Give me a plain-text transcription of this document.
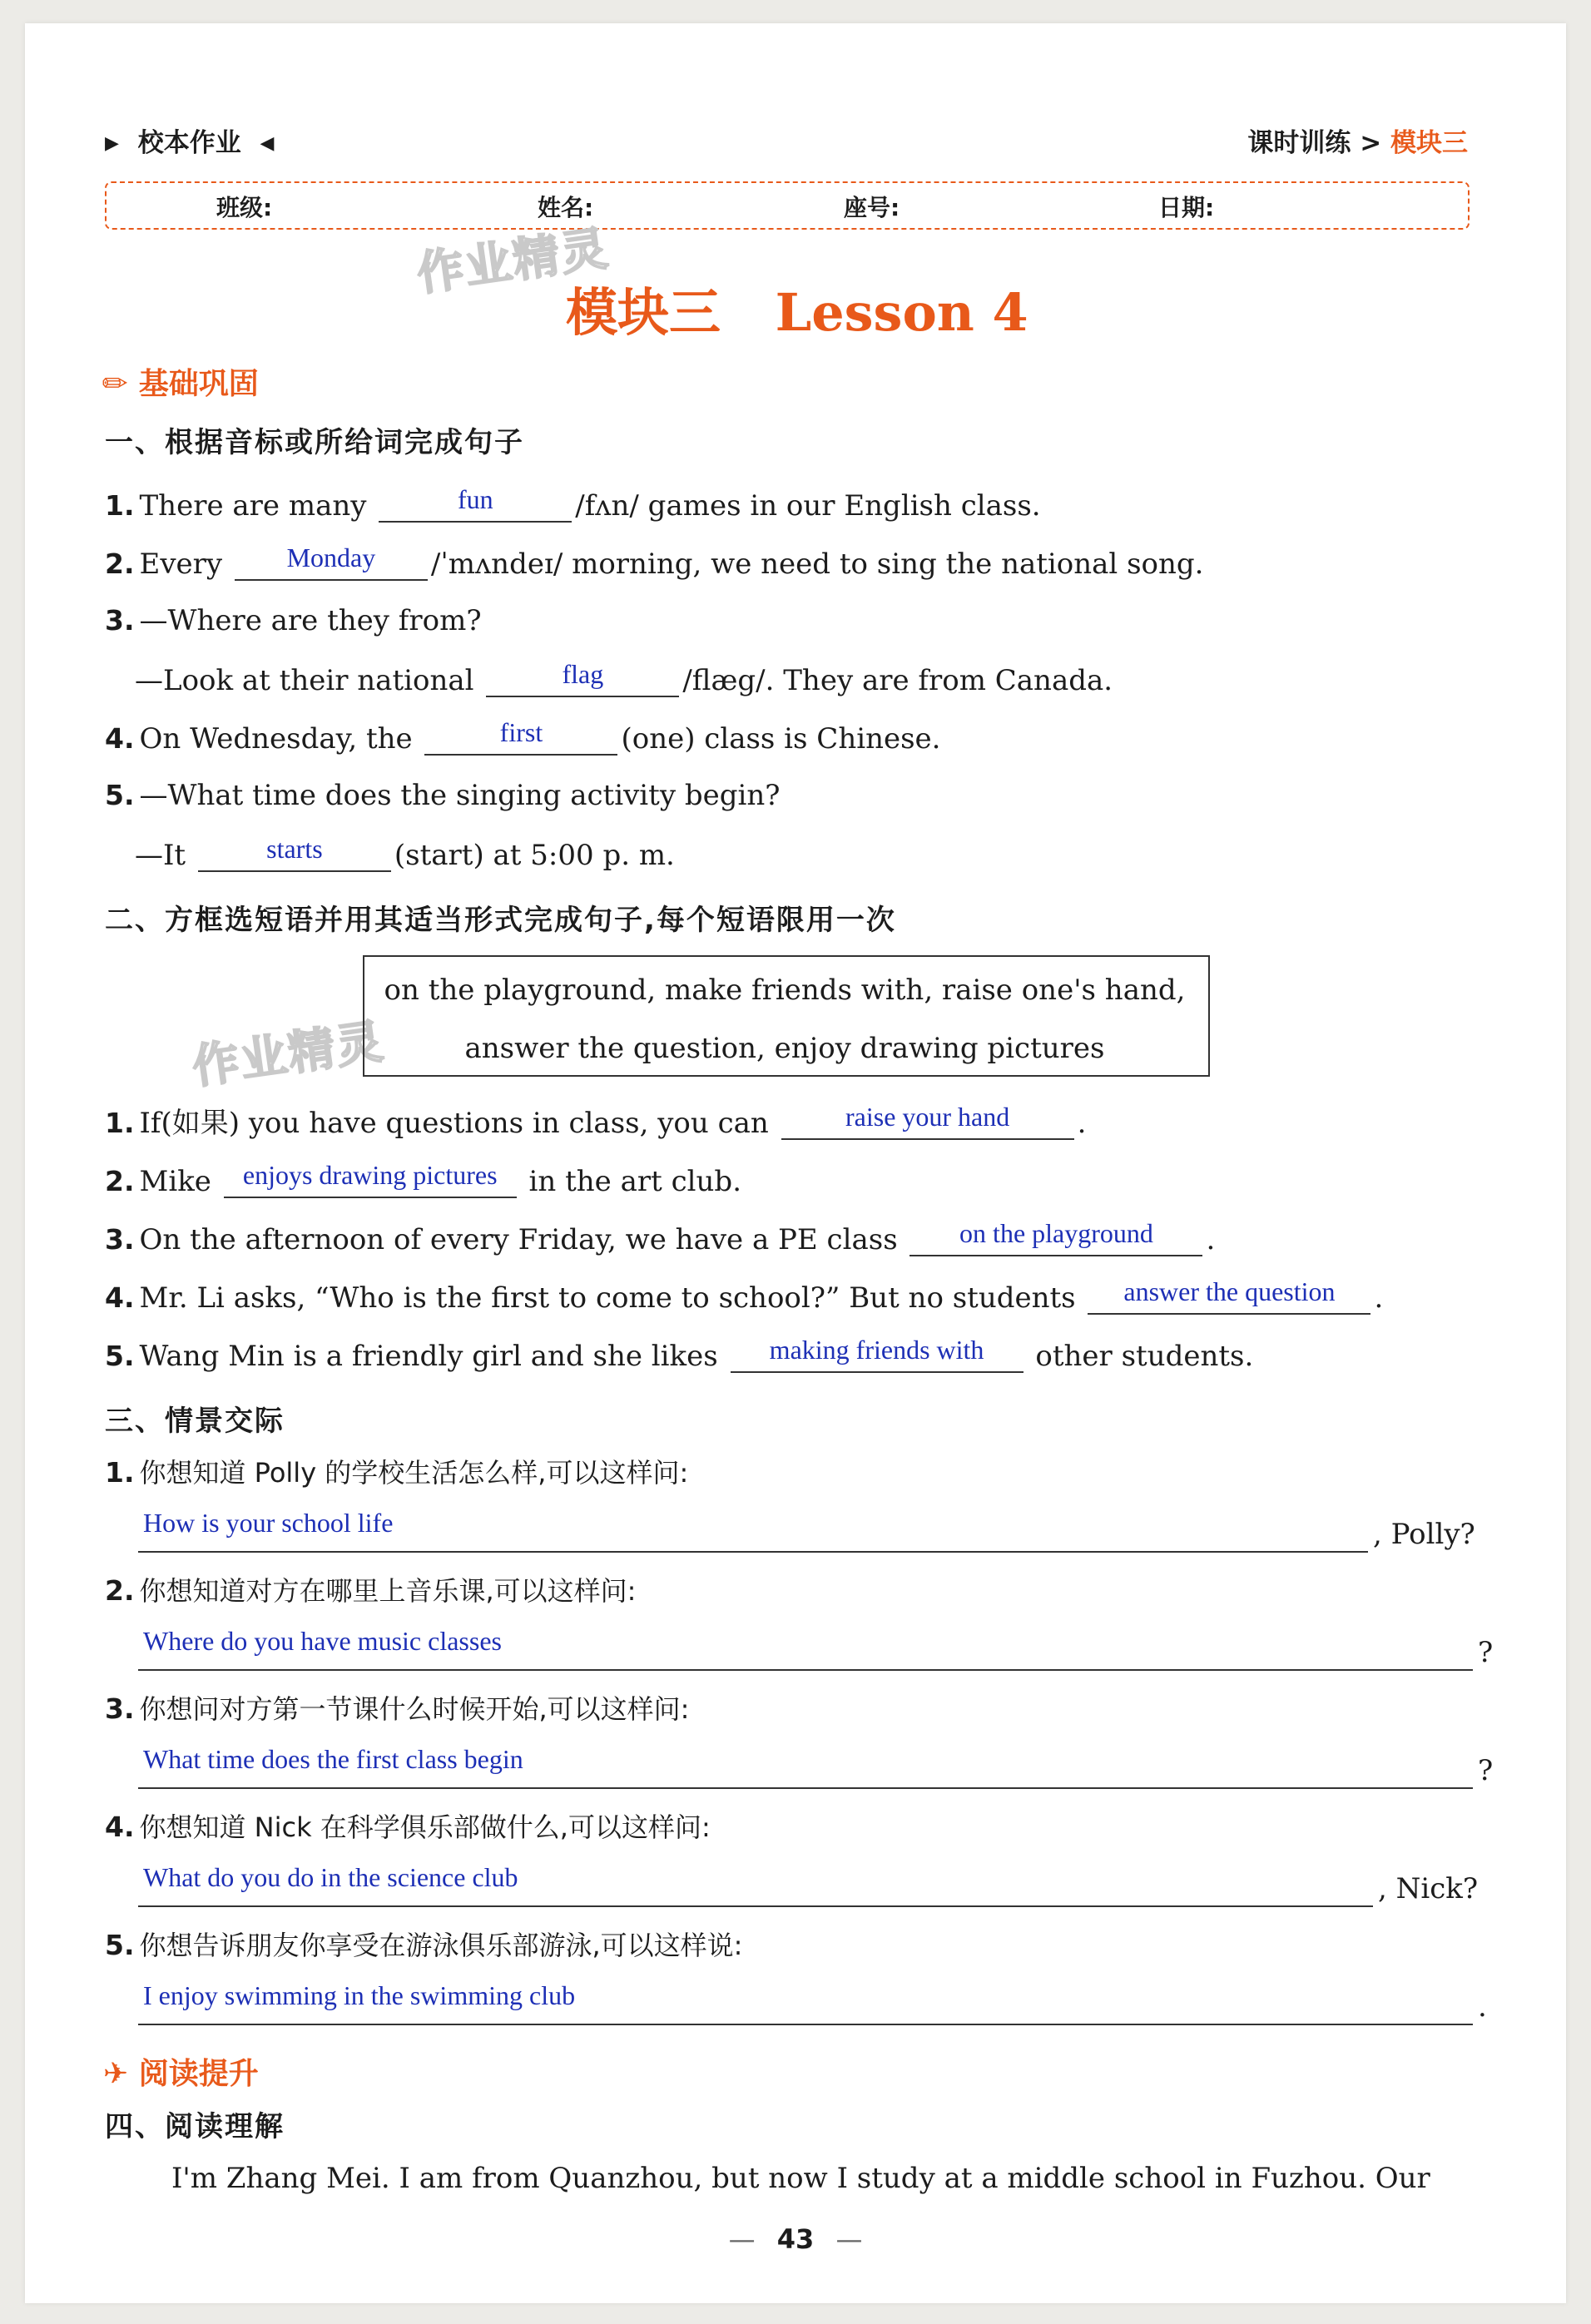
▶ 校本作业 ◀	课时训练 > 模块三
班级:	姓名:	座号:	日期:
作业精灵
作业精灵
模块三 Lesson 4
✎ 基础巩固
一、根据音标或所给词完成句子
1. There are many	fun	/fʌn/ games in our English class.
2. Every	Monday	/ˈmʌndeɪ/ morning, we need to sing the national song.
3. —Where are they from?
—Look at their national	flag	/flæg/. They are from Canada.
4. On Wednesday, the	first	(one) class is Chinese.
5. —What time does the singing activity begin?
—It	starts	(start) at 5:00 p. m.
二、方框选短语并用其适当形式完成句子,每个短语限用一次
on the playground, make friends with, raise one's hand,
answer the question, enjoy drawing pictures
1. If(如果) you have questions in class, you can	raise your hand	.
2. Mike	enjoys drawing pictures	in the art club.
3. On the afternoon of every Friday, we have a PE class	on the playground	.
4. Mr. Li asks, “Who is the first to come to school?” But no students	answer the question	.
5. Wang Min is a friendly girl and she likes	making friends with	other students.
三、情景交际
1. 你想知道 Polly 的学校生活怎么样,可以这样问:
How is your school life	, Polly?
2. 你想知道对方在哪里上音乐课,可以这样问:
Where do you have music classes	?
3. 你想问对方第一节课什么时候开始,可以这样问:
What time does the first class begin	?
4. 你想知道 Nick 在科学俱乐部做什么,可以这样问:
What do you do in the science club	, Nick?
5. 你想告诉朋友你享受在游泳俱乐部游泳,可以这样说:
I enjoy swimming in the swimming club	.
✈ 阅读提升
四、阅读理解
I'm Zhang Mei. I am from Quanzhou, but now I study at a middle school in Fuzhou. Our
— 43 —
